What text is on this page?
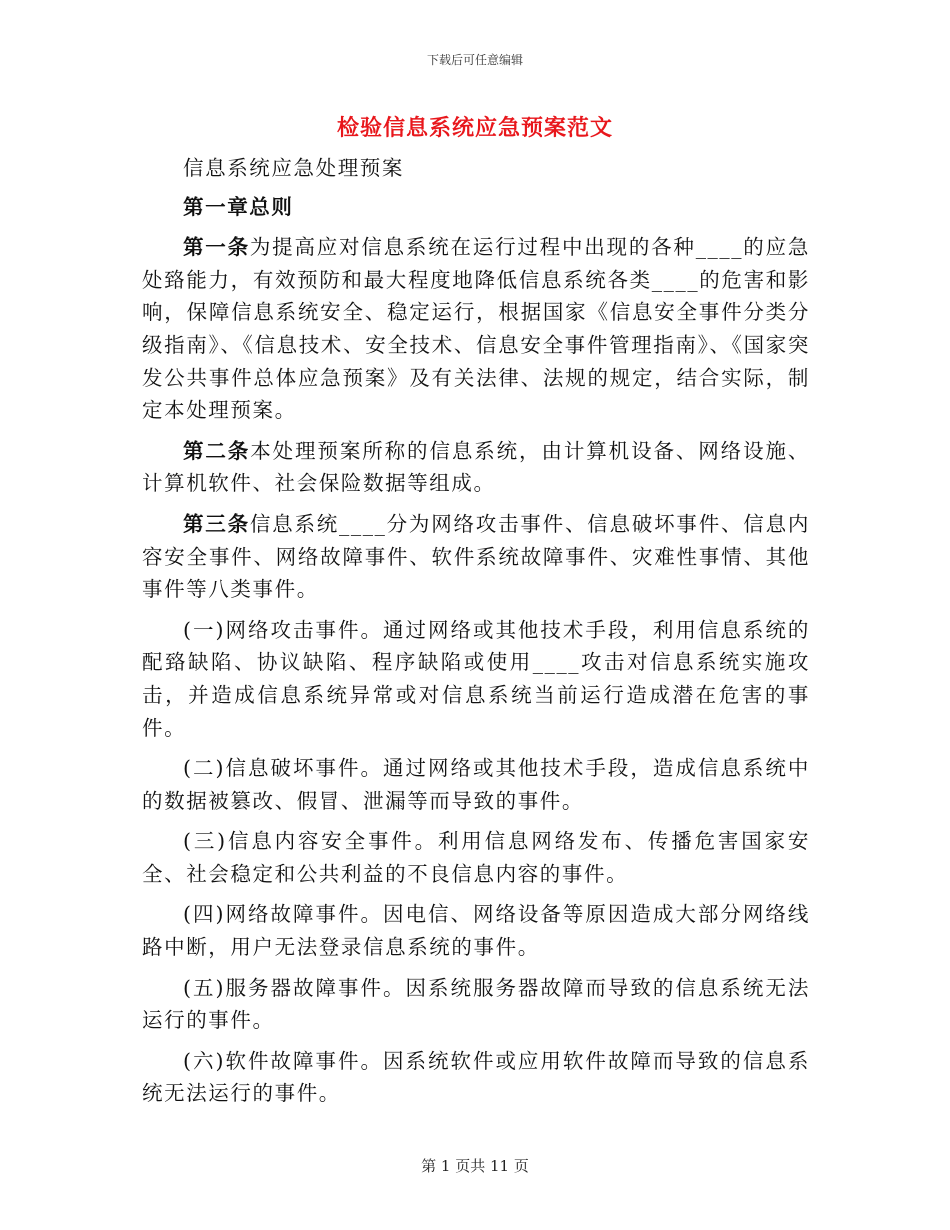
下载后可任意编辑
检验信息系统应急预案范文

信息系统应急处理预案

第一章总则

第一条为提高应对信息系统在运行过程中出现的各种____的应急处臵能力，有效预防和最大程度地降低信息系统各类____的危害和影响，保障信息系统安全、稳定运行，根据国家《信息安全事件分类分级指南》、《信息技术、安全技术、信息安全事件管理指南》、《国家突发公共事件总体应急预案》及有关法律、法规的规定，结合实际，制定本处理预案。

第二条本处理预案所称的信息系统，由计算机设备、网络设施、计算机软件、社会保险数据等组成。

第三条信息系统____分为网络攻击事件、信息破坏事件、信息内容安全事件、网络故障事件、软件系统故障事件、灾难性事情、其他事件等八类事件。

(一)网络攻击事件。通过网络或其他技术手段，利用信息系统的配臵缺陷、协议缺陷、程序缺陷或使用____攻击对信息系统实施攻击，并造成信息系统异常或对信息系统当前运行造成潜在危害的事件。

(二)信息破坏事件。通过网络或其他技术手段，造成信息系统中的数据被篡改、假冒、泄漏等而导致的事件。

(三)信息内容安全事件。利用信息网络发布、传播危害国家安全、社会稳定和公共利益的不良信息内容的事件。

(四)网络故障事件。因电信、网络设备等原因造成大部分网络线路中断，用户无法登录信息系统的事件。

(五)服务器故障事件。因系统服务器故障而导致的信息系统无法运行的事件。

(六)软件故障事件。因系统软件或应用软件故障而导致的信息系统无法运行的事件。

第 1 页共 11 页
